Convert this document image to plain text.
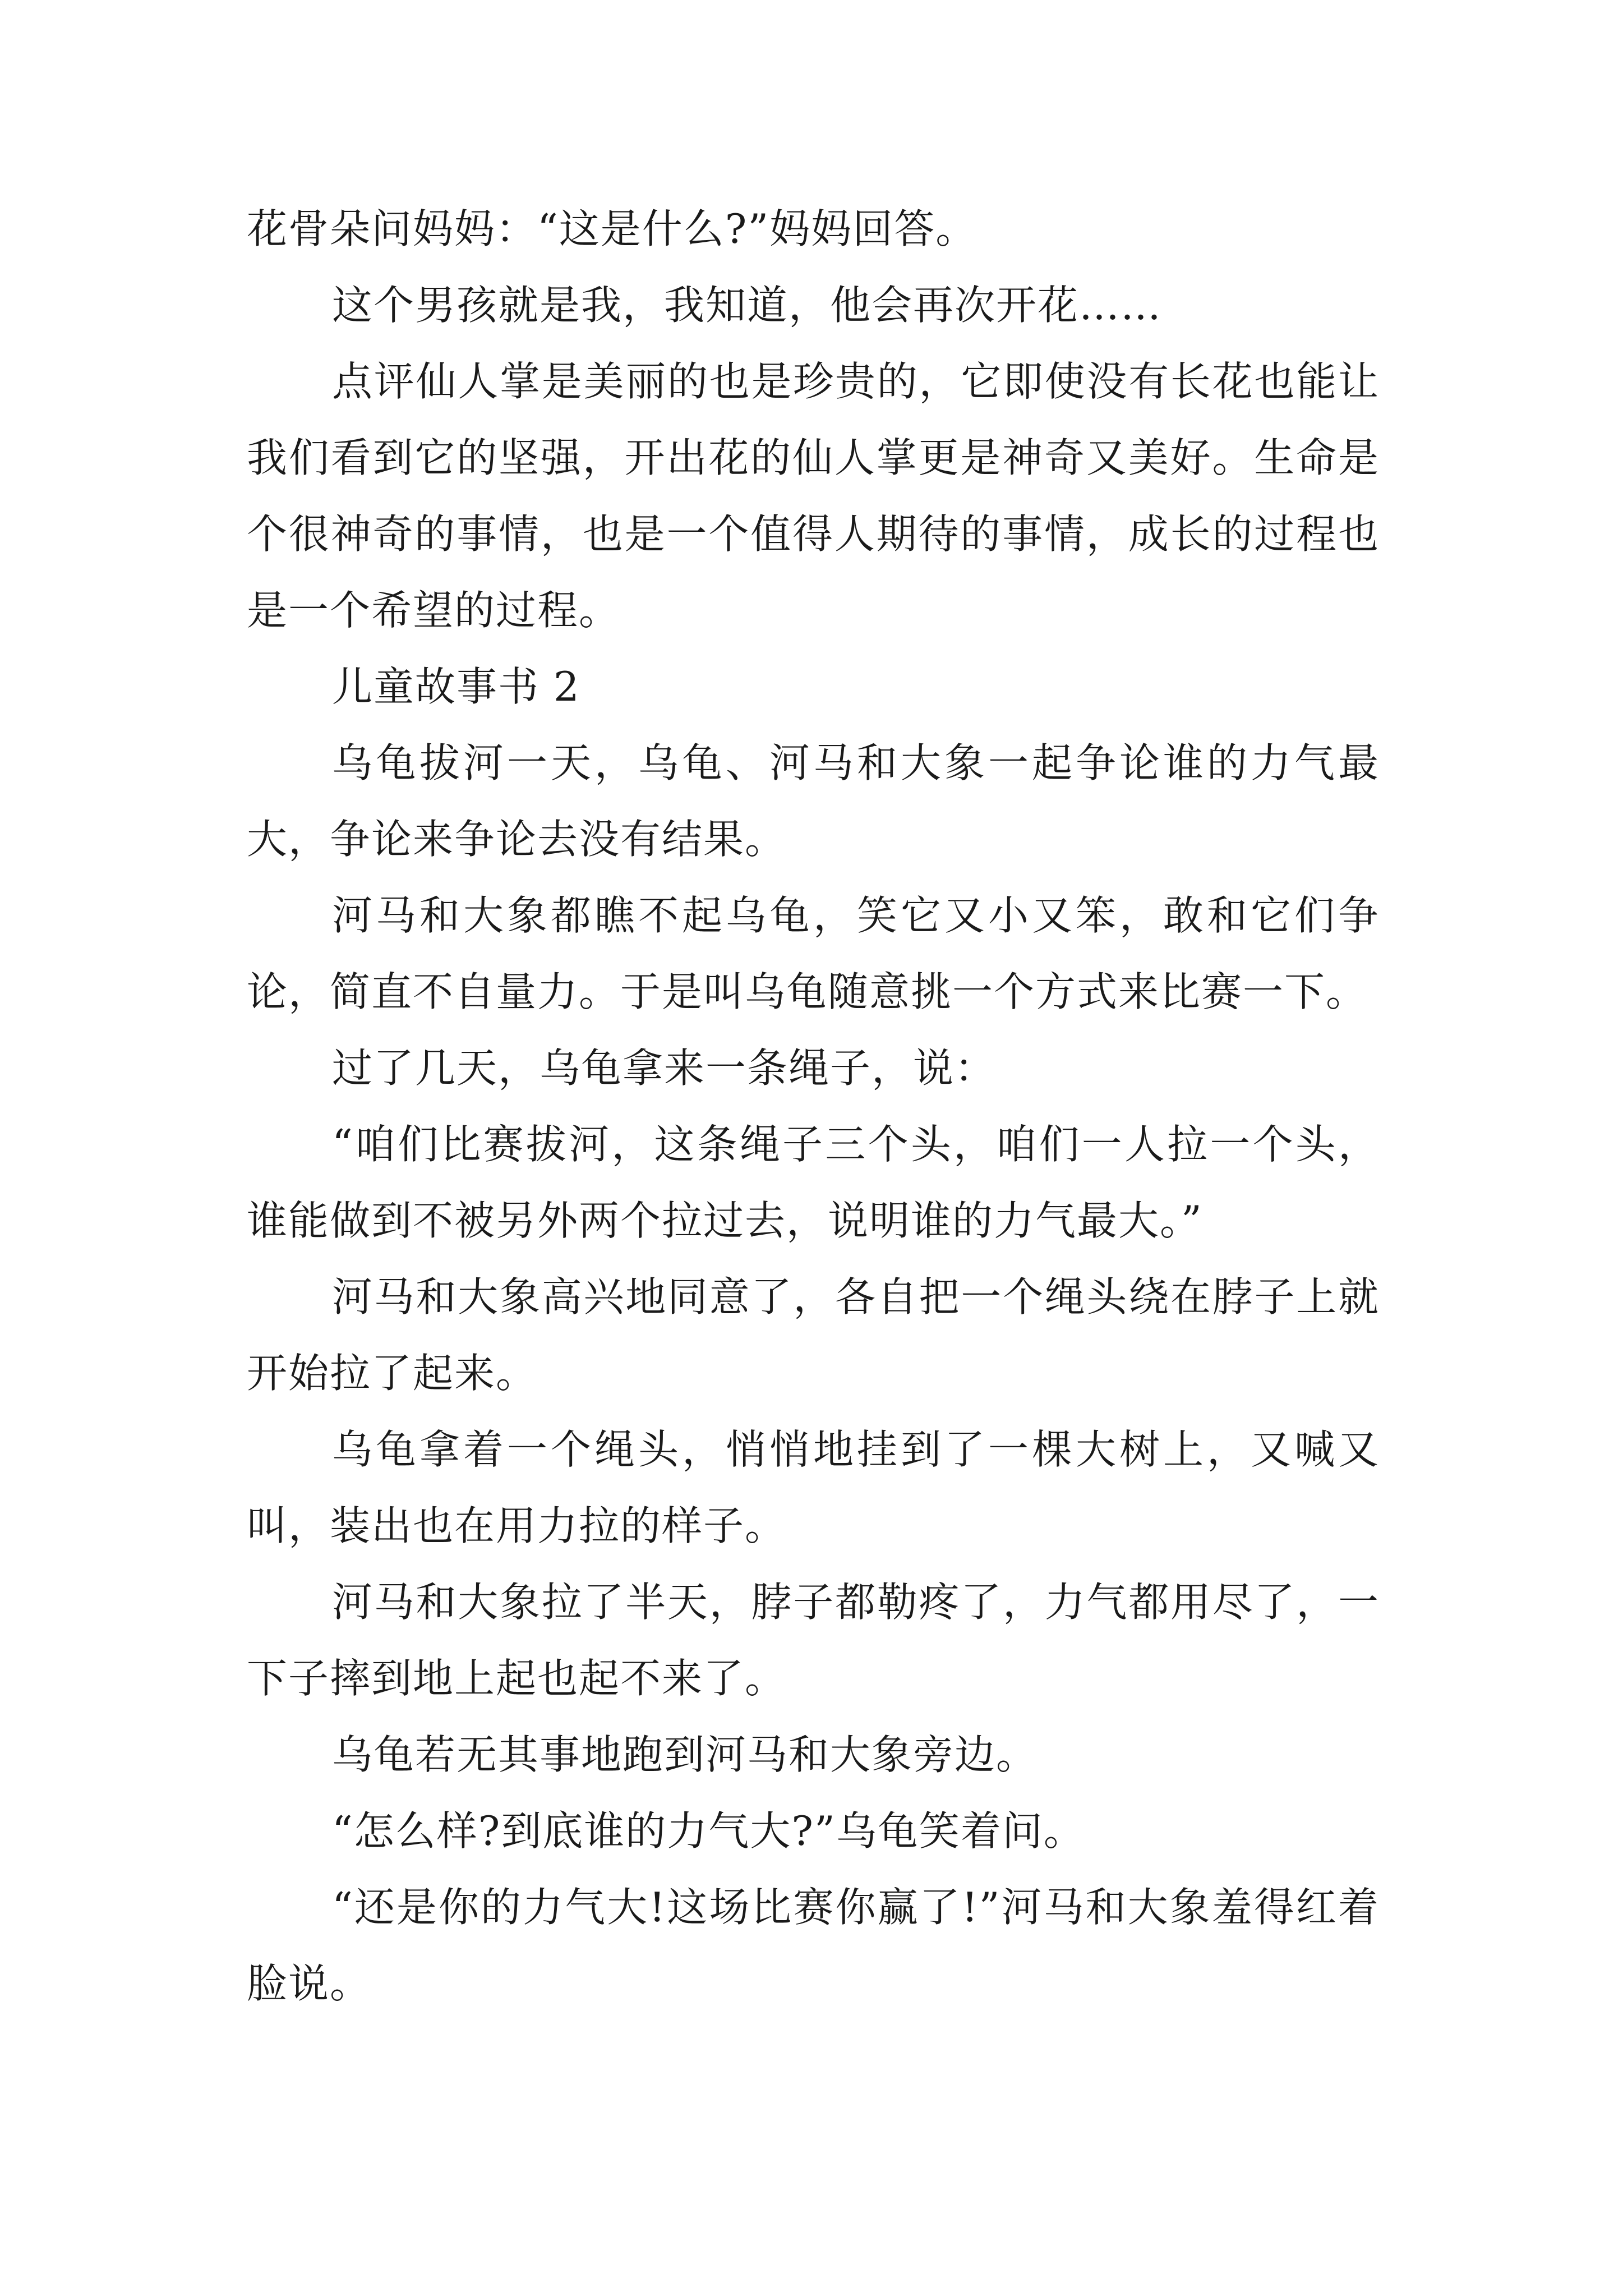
花骨朵问妈妈：“这是什么?”妈妈回答。

这个男孩就是我，我知道，他会再次开花……

点评仙人掌是美丽的也是珍贵的，它即使没有长花也能让我们看到它的坚强，开出花的仙人掌更是神奇又美好。生命是个很神奇的事情，也是一个值得人期待的事情，成长的过程也是一个希望的过程。

儿童故事书 2

乌龟拔河一天，乌龟、河马和大象一起争论谁的力气最大，争论来争论去没有结果。

河马和大象都瞧不起乌龟，笑它又小又笨，敢和它们争论，简直不自量力。于是叫乌龟随意挑一个方式来比赛一下。

过了几天，乌龟拿来一条绳子，说：

“咱们比赛拔河，这条绳子三个头，咱们一人拉一个头，谁能做到不被另外两个拉过去，说明谁的力气最大。”

河马和大象高兴地同意了，各自把一个绳头绕在脖子上就开始拉了起来。

乌龟拿着一个绳头，悄悄地挂到了一棵大树上，又喊又叫，装出也在用力拉的样子。

河马和大象拉了半天，脖子都勒疼了，力气都用尽了，一下子摔到地上起也起不来了。

乌龟若无其事地跑到河马和大象旁边。

“怎么样?到底谁的力气大?”乌龟笑着问。

“还是你的力气大!这场比赛你赢了!”河马和大象羞得红着脸说。
